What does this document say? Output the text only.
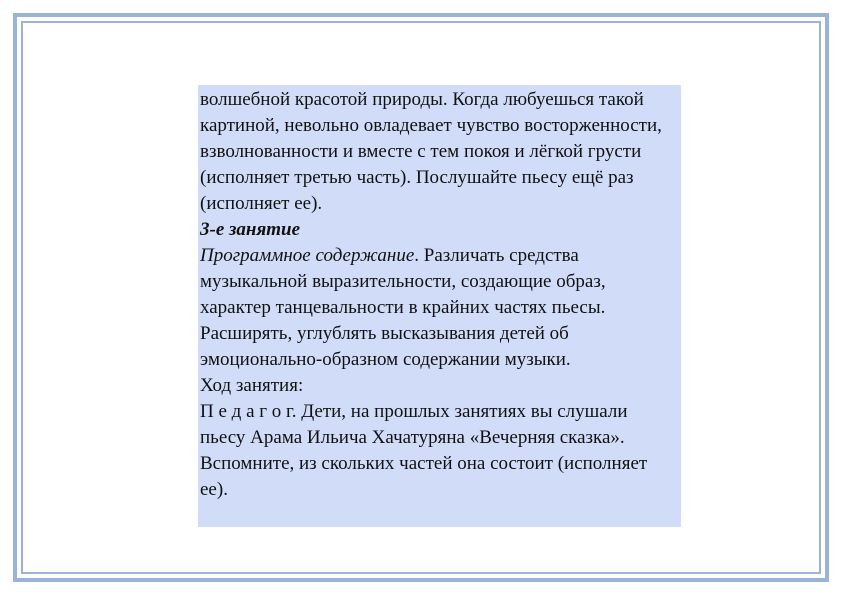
волшебной красотой природы. Когда любуешься такой картиной, невольно овладевает чувство восторженности, взволнованности и вместе с тем покоя и лёгкой грусти (исполняет третью часть). Послушайте пьесу ещё раз (исполняет ее).

3-е занятие

Программное содержание. Различать средства музыкальной выразительности, создающие образ, характер танцевальности в крайних частях пьесы. Расширять, углублять высказывания детей об эмоционально-образном содержании музыки.

Ход занятия:

П е д а г о г. Дети, на прошлых занятиях вы слушали пьесу Арама Ильича Хачатуряна «Вечерняя сказка». Вспомните, из скольких частей она состоит (исполняет ее).
